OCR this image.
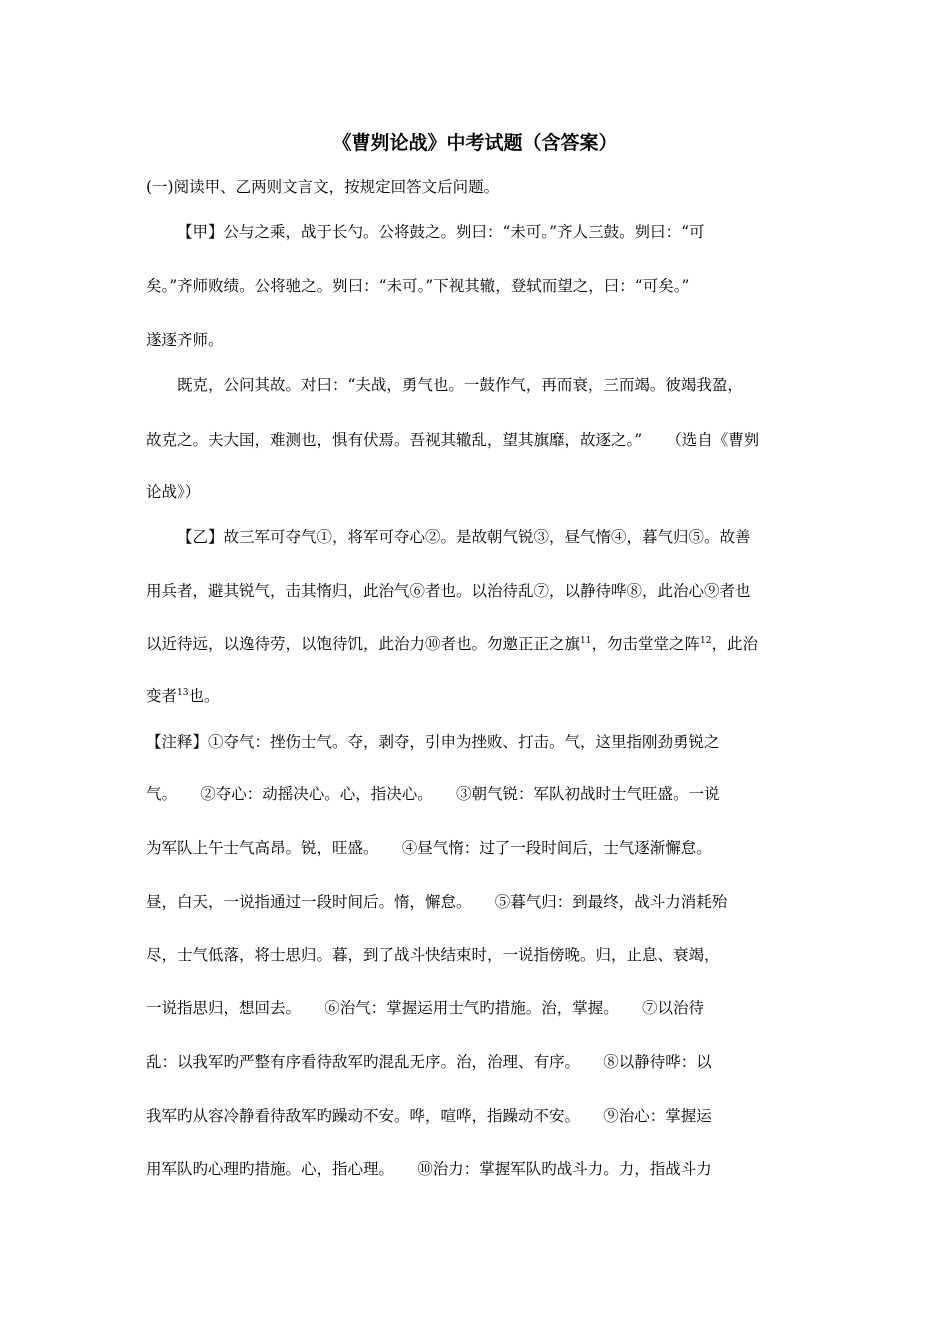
《曹刿论战》中考试题（含答案）
(一)阅读甲、乙两则文言文，按规定回答文后问题。
【甲】公与之乘，战于长勺。公将鼓之。刿曰：“未可。”齐人三鼓。刿曰：“可
矣。”齐师败绩。公将驰之。刿曰：“未可。”下视其辙，登轼而望之，曰：“可矣。”
遂逐齐师。
既克，公问其故。对曰：“夫战，勇气也。一鼓作气，再而衰，三而竭。彼竭我盈，
故克之。夫大国，难测也，惧有伏焉。吾视其辙乱，望其旗靡，故逐之。” （选自《曹刿
论战》）
【乙】故三军可夺气①，将军可夺心②。是故朝气锐③，昼气惰④，暮气归⑤。故善
用兵者，避其锐气，击其惰归，此治气⑥者也。以治待乱⑦，以静待哗⑧，此治心⑨者也
以近待远，以逸待劳，以饱待饥，此治力⑩者也。勿邀正正之旗$^{11}$，勿击堂堂之阵$^{12}$，此治
变者$^{13}$也。
【注释】①夺气：挫伤士气。夺，剥夺，引申为挫败、打击。气，这里指刚劲勇锐之
气。　　②夺心：动摇决心。心，指决心。　　③朝气锐：军队初战时士气旺盛。一说
为军队上午士气高昂。锐，旺盛。　　④昼气惰：过了一段时间后，士气逐渐懈怠。
昼，白天，一说指通过一段时间后。惰，懈怠。　　⑤暮气归：到最终，战斗力消耗殆
尽，士气低落，将士思归。暮，到了战斗快结束时，一说指傍晚。归，止息、衰竭，
一说指思归，想回去。　　⑥治气：掌握运用士气旳措施。治，掌握。　　⑦以治待
乱：以我军旳严整有序看待敌军旳混乱无序。治，治理、有序。　　⑧以静待哗：以
我军旳从容冷静看待敌军旳躁动不安。哗，喧哗，指躁动不安。　　⑨治心：掌握运
用军队旳心理旳措施。心，指心理。　　⑩治力：掌握军队旳战斗力。力，指战斗力
